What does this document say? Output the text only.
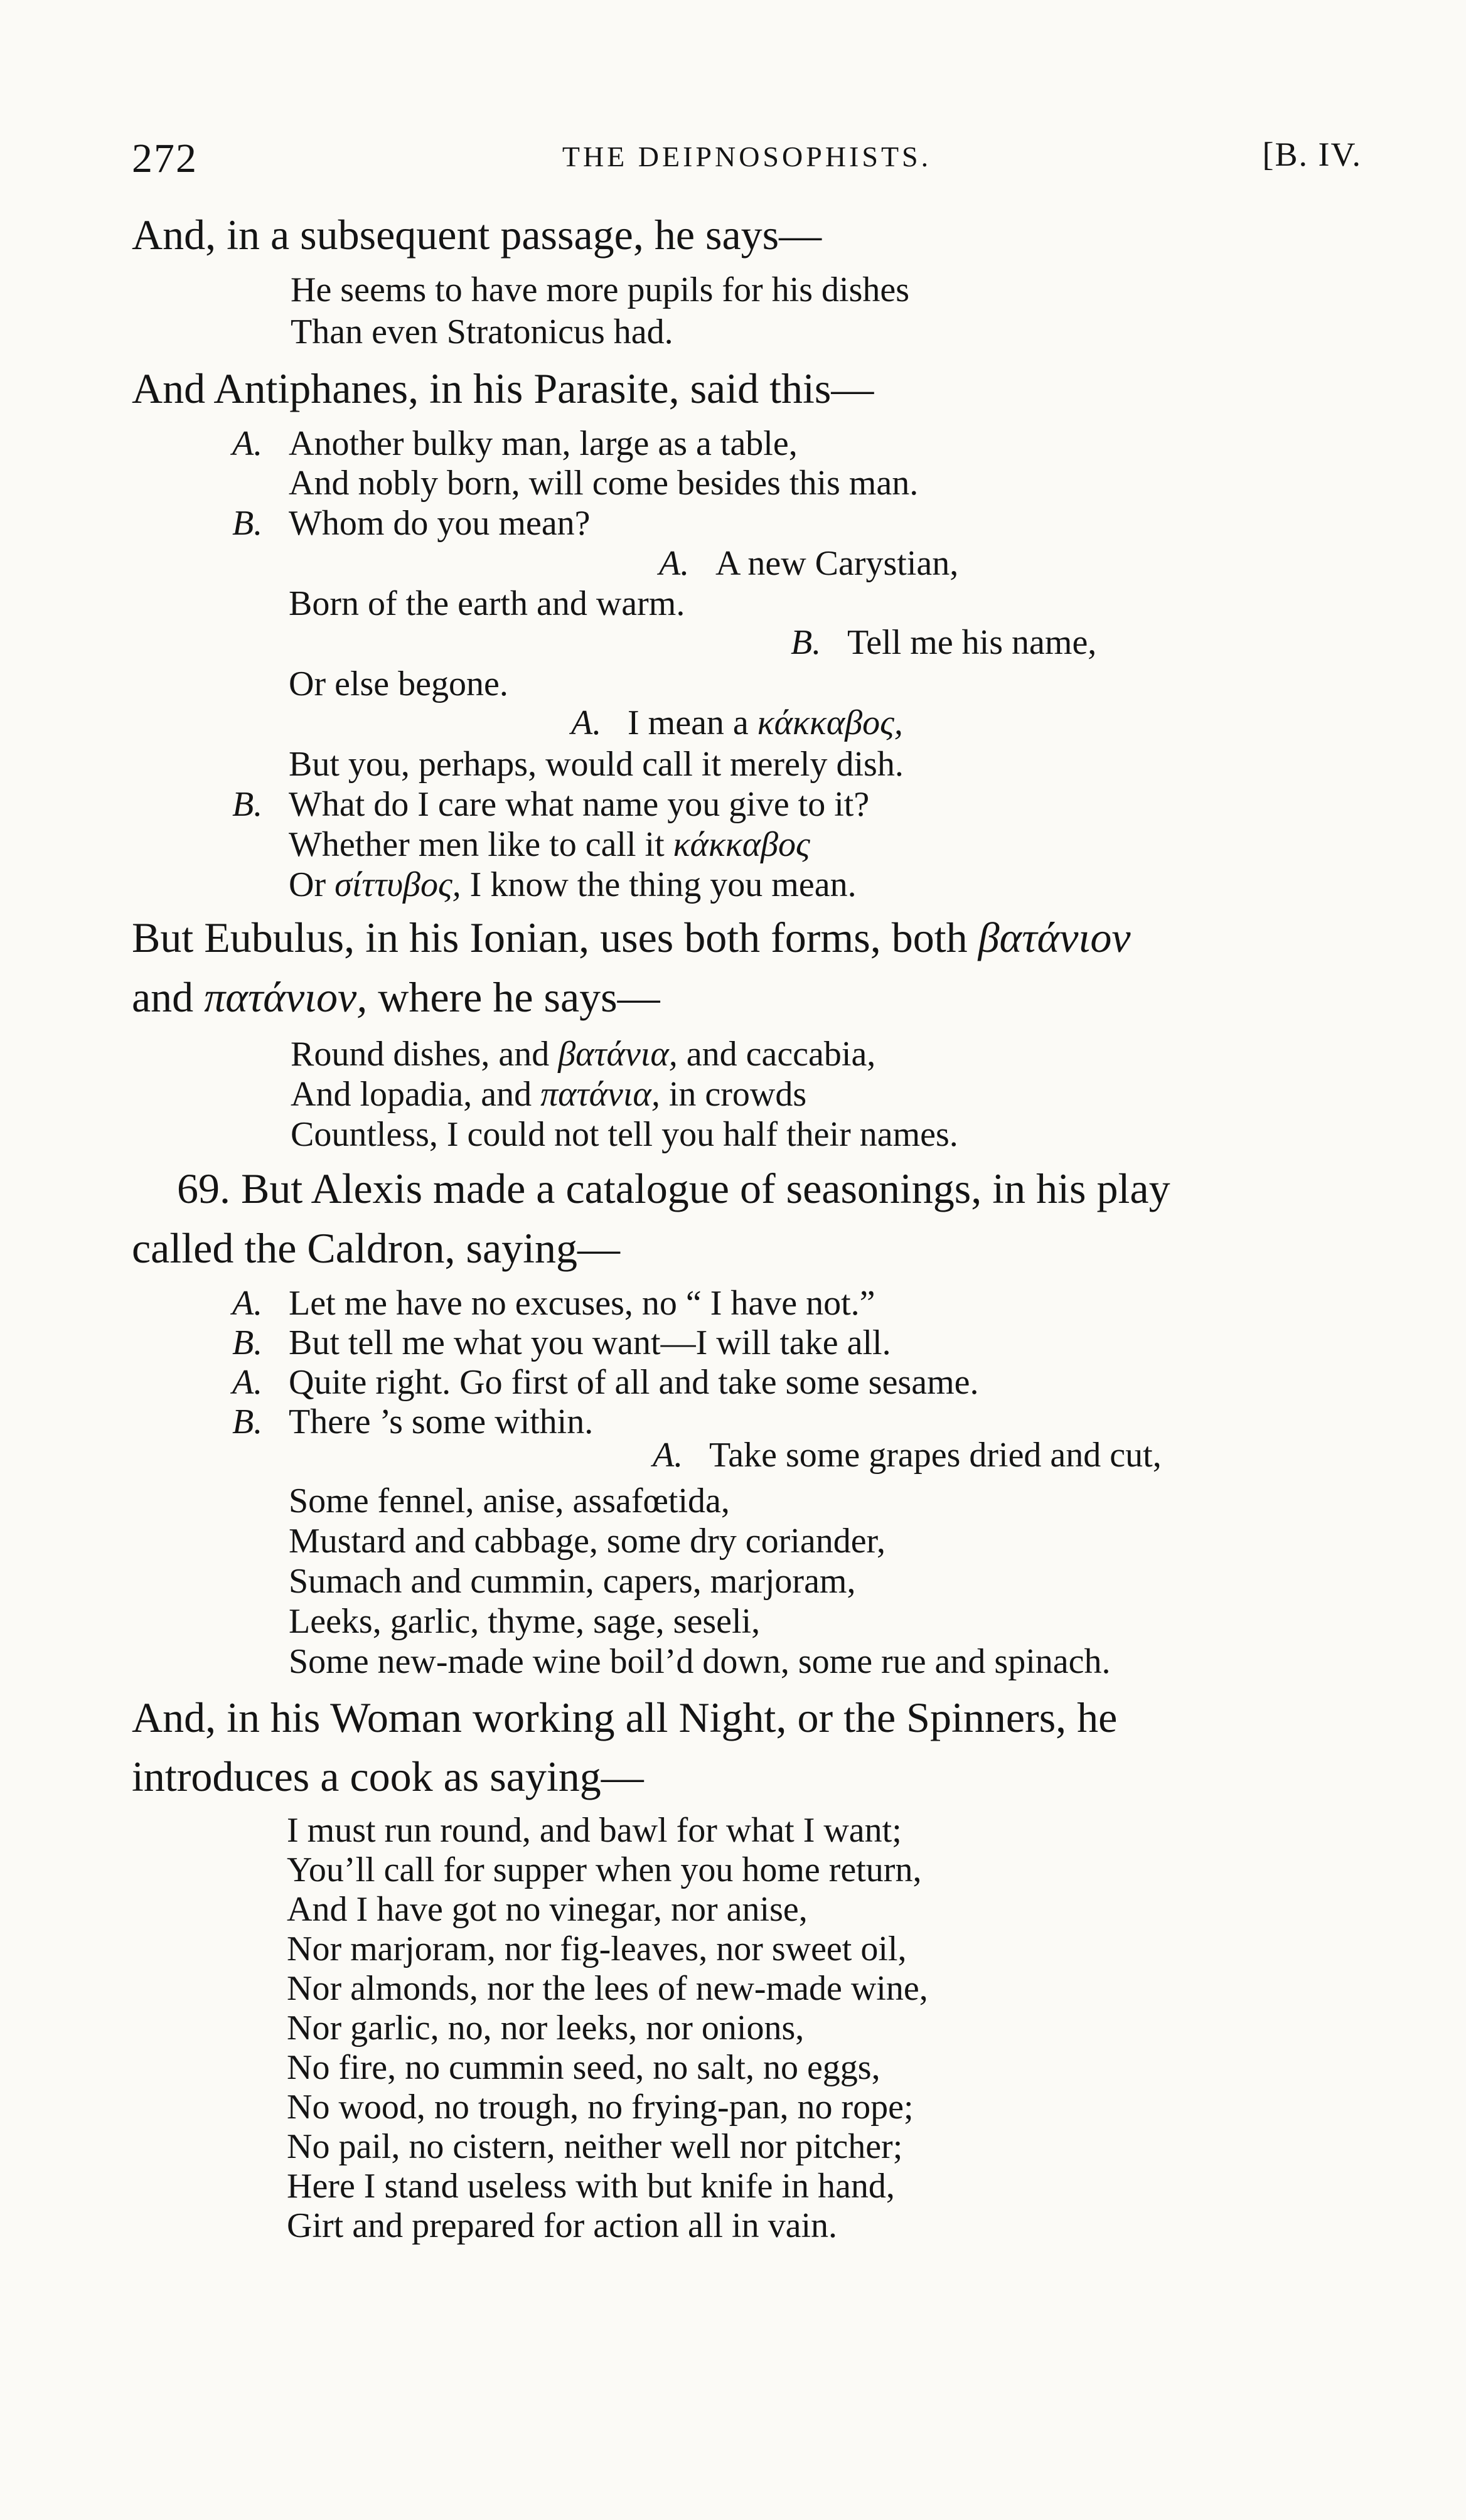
272	THE DEIPNOSOPHISTS.	[B. IV.
And, in a subsequent passage, he says—
He seems to have more pupils for his dishes
Than even Stratonicus had.
And Antiphanes, in his Parasite, said this—
A. Another bulky man, large as a table,
And nobly born, will come besides this man.
B. Whom do you mean?
A. A new Carystian,
Born of the earth and warm.
B. Tell me his name,
Or else begone.
A. I mean a κάκκαβος,
But you, perhaps, would call it merely dish.
B. What do I care what name you give to it?
Whether men like to call it κάκκαβος
Or σίττυβος, I know the thing you mean.
But Eubulus, in his Ionian, uses both forms, both βατάνιον
and πατάνιον, where he says—
Round dishes, and βατάνια, and caccabia,
And lopadia, and πατάνια, in crowds
Countless, I could not tell you half their names.
69. But Alexis made a catalogue of seasonings, in his play
called the Caldron, saying—
A. Let me have no excuses, no “ I have not.”
B. But tell me what you want—I will take all.
A. Quite right. Go first of all and take some sesame.
B. There ’s some within.
A. Take some grapes dried and cut,
Some fennel, anise, assafœtida,
Mustard and cabbage, some dry coriander,
Sumach and cummin, capers, marjoram,
Leeks, garlic, thyme, sage, seseli,
Some new-made wine boil’d down, some rue and spinach.
And, in his Woman working all Night, or the Spinners, he
introduces a cook as saying—
I must run round, and bawl for what I want;
You’ll call for supper when you home return,
And I have got no vinegar, nor anise,
Nor marjoram, nor fig-leaves, nor sweet oil,
Nor almonds, nor the lees of new-made wine,
Nor garlic, no, nor leeks, nor onions,
No fire, no cummin seed, no salt, no eggs,
No wood, no trough, no frying-pan, no rope;
No pail, no cistern, neither well nor pitcher;
Here I stand useless with but knife in hand,
Girt and prepared for action all in vain.
